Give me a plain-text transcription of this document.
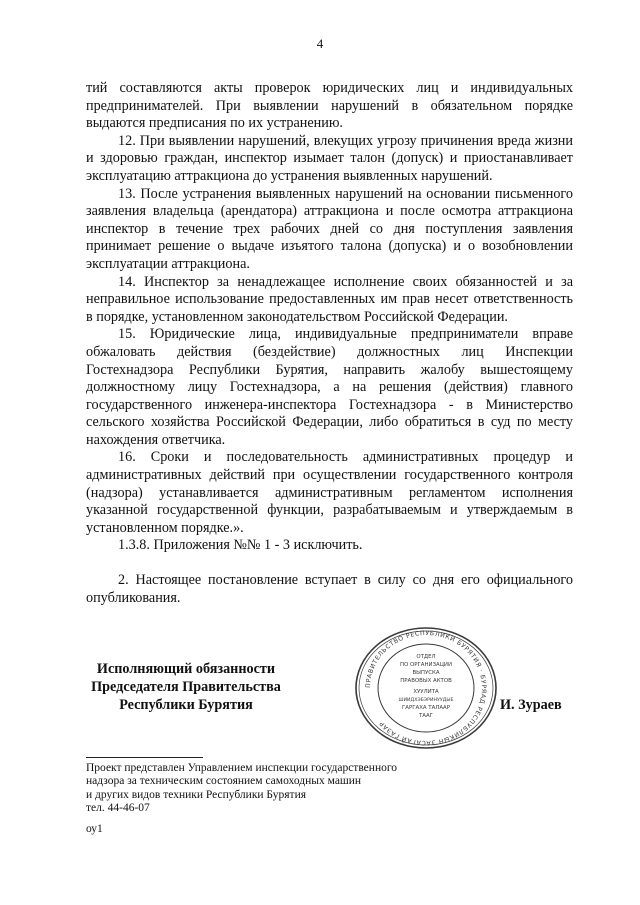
4

тий составляются акты проверок юридических лиц и индивидуальных предпринимателей. При выявлении нарушений в обязательном порядке выдаются предписания по их устранению.

12. При выявлении нарушений, влекущих угрозу причинения вреда жизни и здоровью граждан, инспектор изымает талон (допуск) и приостанавливает эксплуатацию аттракциона до устранения выявленных нарушений.

13. После устранения выявленных нарушений на основании письменного заявления владельца (арендатора) аттракциона и после осмотра аттракциона инспектор в течение трех рабочих дней со дня поступления заявления принимает решение о выдаче изъятого талона (допуска) и о возобновлении эксплуатации аттракциона.

14. Инспектор за ненадлежащее исполнение своих обязанностей и за неправильное использование предоставленных им прав несет ответственность в порядке, установленном законодательством Российской Федерации.

15. Юридические лица, индивидуальные предприниматели вправе обжаловать действия (бездействие) должностных лиц Инспекции Гостехнадзора Республики Бурятия, направить жалобу вышестоящему должностному лицу Гостехнадзора, а на решения (действия) главного государственного инженера-инспектора Гостехнадзора - в Министерство сельского хозяйства Российской Федерации, либо обратиться в суд по месту нахождения ответчика.

16. Сроки и последовательность административных процедур и административных действий при осуществлении государственного контроля (надзора) устанавливается административным регламентом исполнения указанной государственной функции, разрабатываемым и утверждаемым в установленном порядке.».

1.3.8. Приложения №№ 1 - 3 исключить.

2. Настоящее постановление вступает в силу со дня его официального опубликования.

Исполняющий обязанности
Председателя Правительства
Республики Бурятия
ПРАВИТЕЛЬСТВО РЕСПУБЛИКИ БУРЯТИЯ · БУРЯАД РЕСПУБЛИКЫН ЗАСАГАЙ ГАЗАР
ОТДЕЛ
ПО ОРГАНИЗАЦИИ
ВЫПУСКА
ПРАВОВЫХ АКТОВ
ХУУЛИТА
ШИИДХЭБЭРИНУУДЫЕ
ГАРГАХА ТАЛААР
ТААГ
И. Зураев
Проект представлен Управлением инспекции государственного
надзора за техническим состоянием самоходных машин
и других видов техники Республики Бурятия
тел. 44-46-07
оу1
